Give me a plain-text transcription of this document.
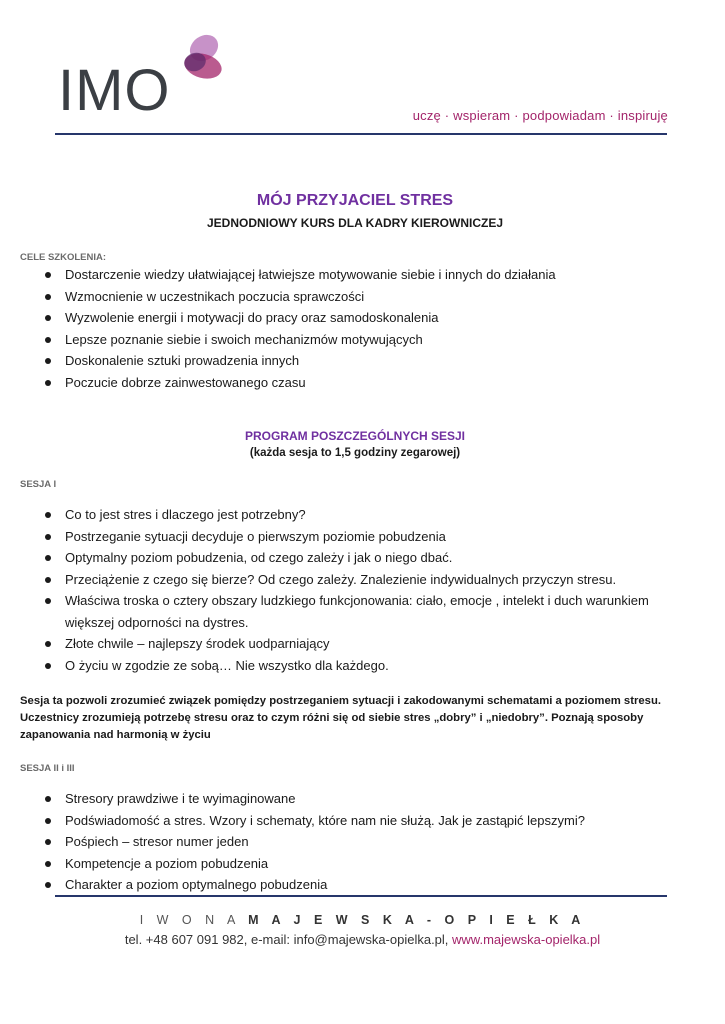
IMO	uczę · wspieram · podpowiadam · inspiruję
MÓJ PRZYJACIEL STRES

JEDNODNIOWY KURS DLA KADRY KIEROWNICZEJ

CELE SZKOLENIA:

Dostarczenie wiedzy ułatwiającej łatwiejsze motywowanie siebie i innych do działania
Wzmocnienie w uczestnikach poczucia sprawczości
Wyzwolenie energii i motywacji do pracy oraz samodoskonalenia
Lepsze poznanie siebie i swoich mechanizmów motywujących
Doskonalenie sztuki prowadzenia innych
Poczucie dobrze zainwestowanego czasu

PROGRAM POSZCZEGÓLNYCH SESJI

(każda sesja to 1,5 godziny zegarowej)

SESJA I

Co to jest stres i dlaczego jest potrzebny?
Postrzeganie sytuacji decyduje o pierwszym poziomie pobudzenia
Optymalny poziom pobudzenia, od czego zależy i jak o niego dbać.
Przeciążenie z czego się bierze? Od czego zależy. Znalezienie indywidualnych przyczyn stresu.
Właściwa troska o cztery obszary ludzkiego funkcjonowania: ciało, emocje , intelekt i duch warunkiem większej odporności na dystres.
Złote chwile – najlepszy środek uodparniający
O życiu w zgodzie ze sobą… Nie wszystko dla każdego.

Sesja ta pozwoli zrozumieć związek pomiędzy postrzeganiem sytuacji i zakodowanymi schematami a poziomem stresu. Uczestnicy zrozumieją potrzebę stresu oraz to czym różni się od siebie stres „dobry” i „niedobry”. Poznają sposoby zapanowania nad harmonią w życiu

SESJA II i III

Stresory prawdziwe i te wyimaginowane
Podświadomość a stres. Wzory i schematy, które nam nie służą. Jak je zastąpić lepszymi?
Pośpiech – stresor numer jeden
Kompetencje a poziom pobudzenia
Charakter a poziom optymalnego pobudzenia
I W O N A M A J E W S K A - O P I E Ł K A
tel. +48 607 091 982, e-mail: info@majewska-opielka.pl, www.majewska-opielka.pl
